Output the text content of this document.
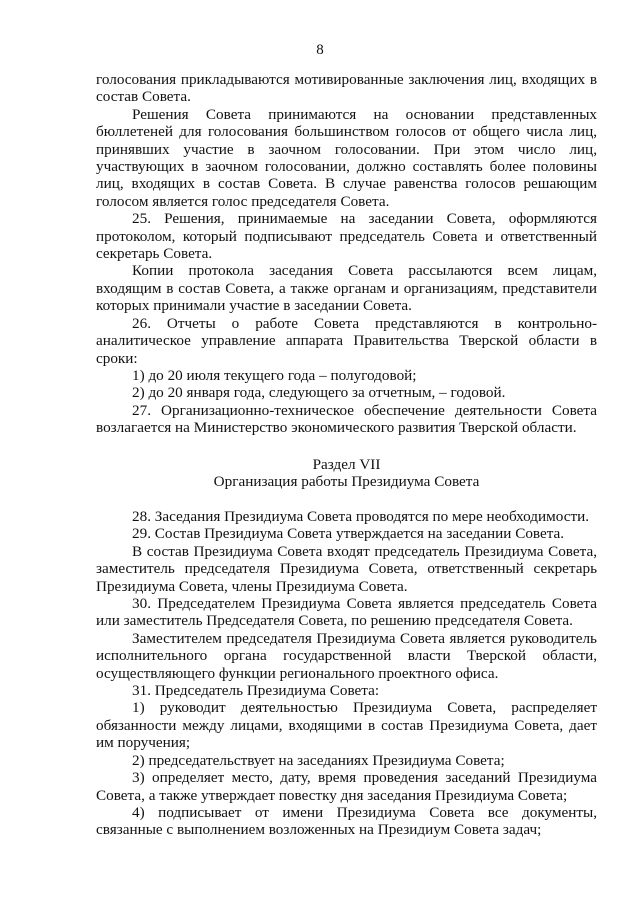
8

голосования прикладываются мотивированные заключения лиц, входящих в состав Совета.

Решения Совета принимаются на основании представленных бюллетеней для голосования большинством голосов от общего числа лиц, принявших участие в заочном голосовании. При этом число лиц, участвующих в заочном голосовании, должно составлять более половины лиц, входящих в состав Совета. В случае равенства голосов решающим голосом является голос председателя Совета.

25. Решения, принимаемые на заседании Совета, оформляются протоколом, который подписывают председатель Совета и ответственный секретарь Совета.

Копии протокола заседания Совета рассылаются всем лицам, входящим в состав Совета, а также органам и организациям, представители которых принимали участие в заседании Совета.

26. Отчеты о работе Совета представляются в контрольно-аналитическое управление аппарата Правительства Тверской области в сроки:

1) до 20 июля текущего года – полугодовой;

2) до 20 января года, следующего за отчетным, – годовой.

27. Организационно-техническое обеспечение деятельности Совета возлагается на Министерство экономического развития Тверской области.

Раздел VII

Организация работы Президиума Совета

28. Заседания Президиума Совета проводятся по мере необходимости.

29. Состав Президиума Совета утверждается на заседании Совета.

В состав Президиума Совета входят председатель Президиума Совета, заместитель председателя Президиума Совета, ответственный секретарь Президиума Совета, члены Президиума Совета.

30. Председателем Президиума Совета является председатель Совета или заместитель Председателя Совета, по решению председателя Совета.

Заместителем председателя Президиума Совета является руководитель исполнительного органа государственной власти Тверской области, осуществляющего функции регионального проектного офиса.

31. Председатель Президиума Совета:

1) руководит деятельностью Президиума Совета, распределяет обязанности между лицами, входящими в состав Президиума Совета, дает им поручения;

2) председательствует на заседаниях Президиума Совета;

3) определяет место, дату, время проведения заседаний Президиума Совета, а также утверждает повестку дня заседания Президиума Совета;

4) подписывает от имени Президиума Совета все документы, связанные с выполнением возложенных на Президиум Совета задач;
